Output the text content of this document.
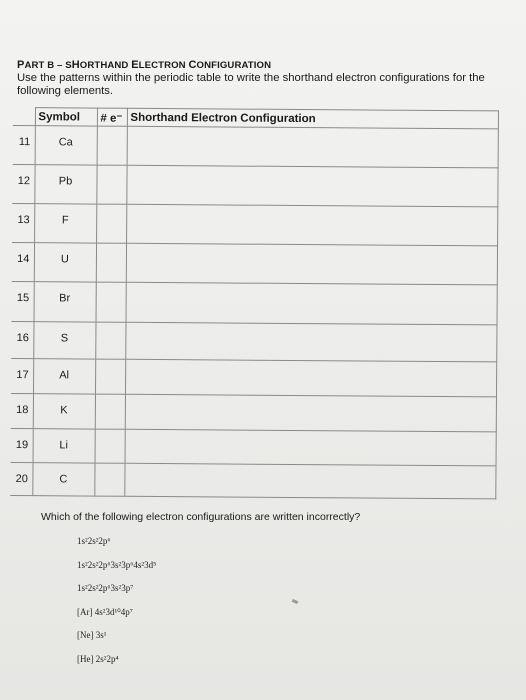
PART B – SHORTHAND ELECTRON CONFIGURATION
Use the patterns within the periodic table to write the shorthand electron configurations for the following elements.
	Symbol	# e⁻	Shorthand Electron Configuration
11	Ca		
12	Pb		
13	F		
14	U		
15	Br		
16	S		
17	Al		
18	K		
19	Li		
20	C		
Which of the following electron configurations are written incorrectly?
1s²2s²2p⁶
1s²2s²2p⁶3s²3p⁶4s²3d⁵
1s²2s²2p⁶3s²3p⁷
[Ar] 4s²3d¹⁰4p⁷
[Ne] 3s¹
[He] 2s²2p⁴
